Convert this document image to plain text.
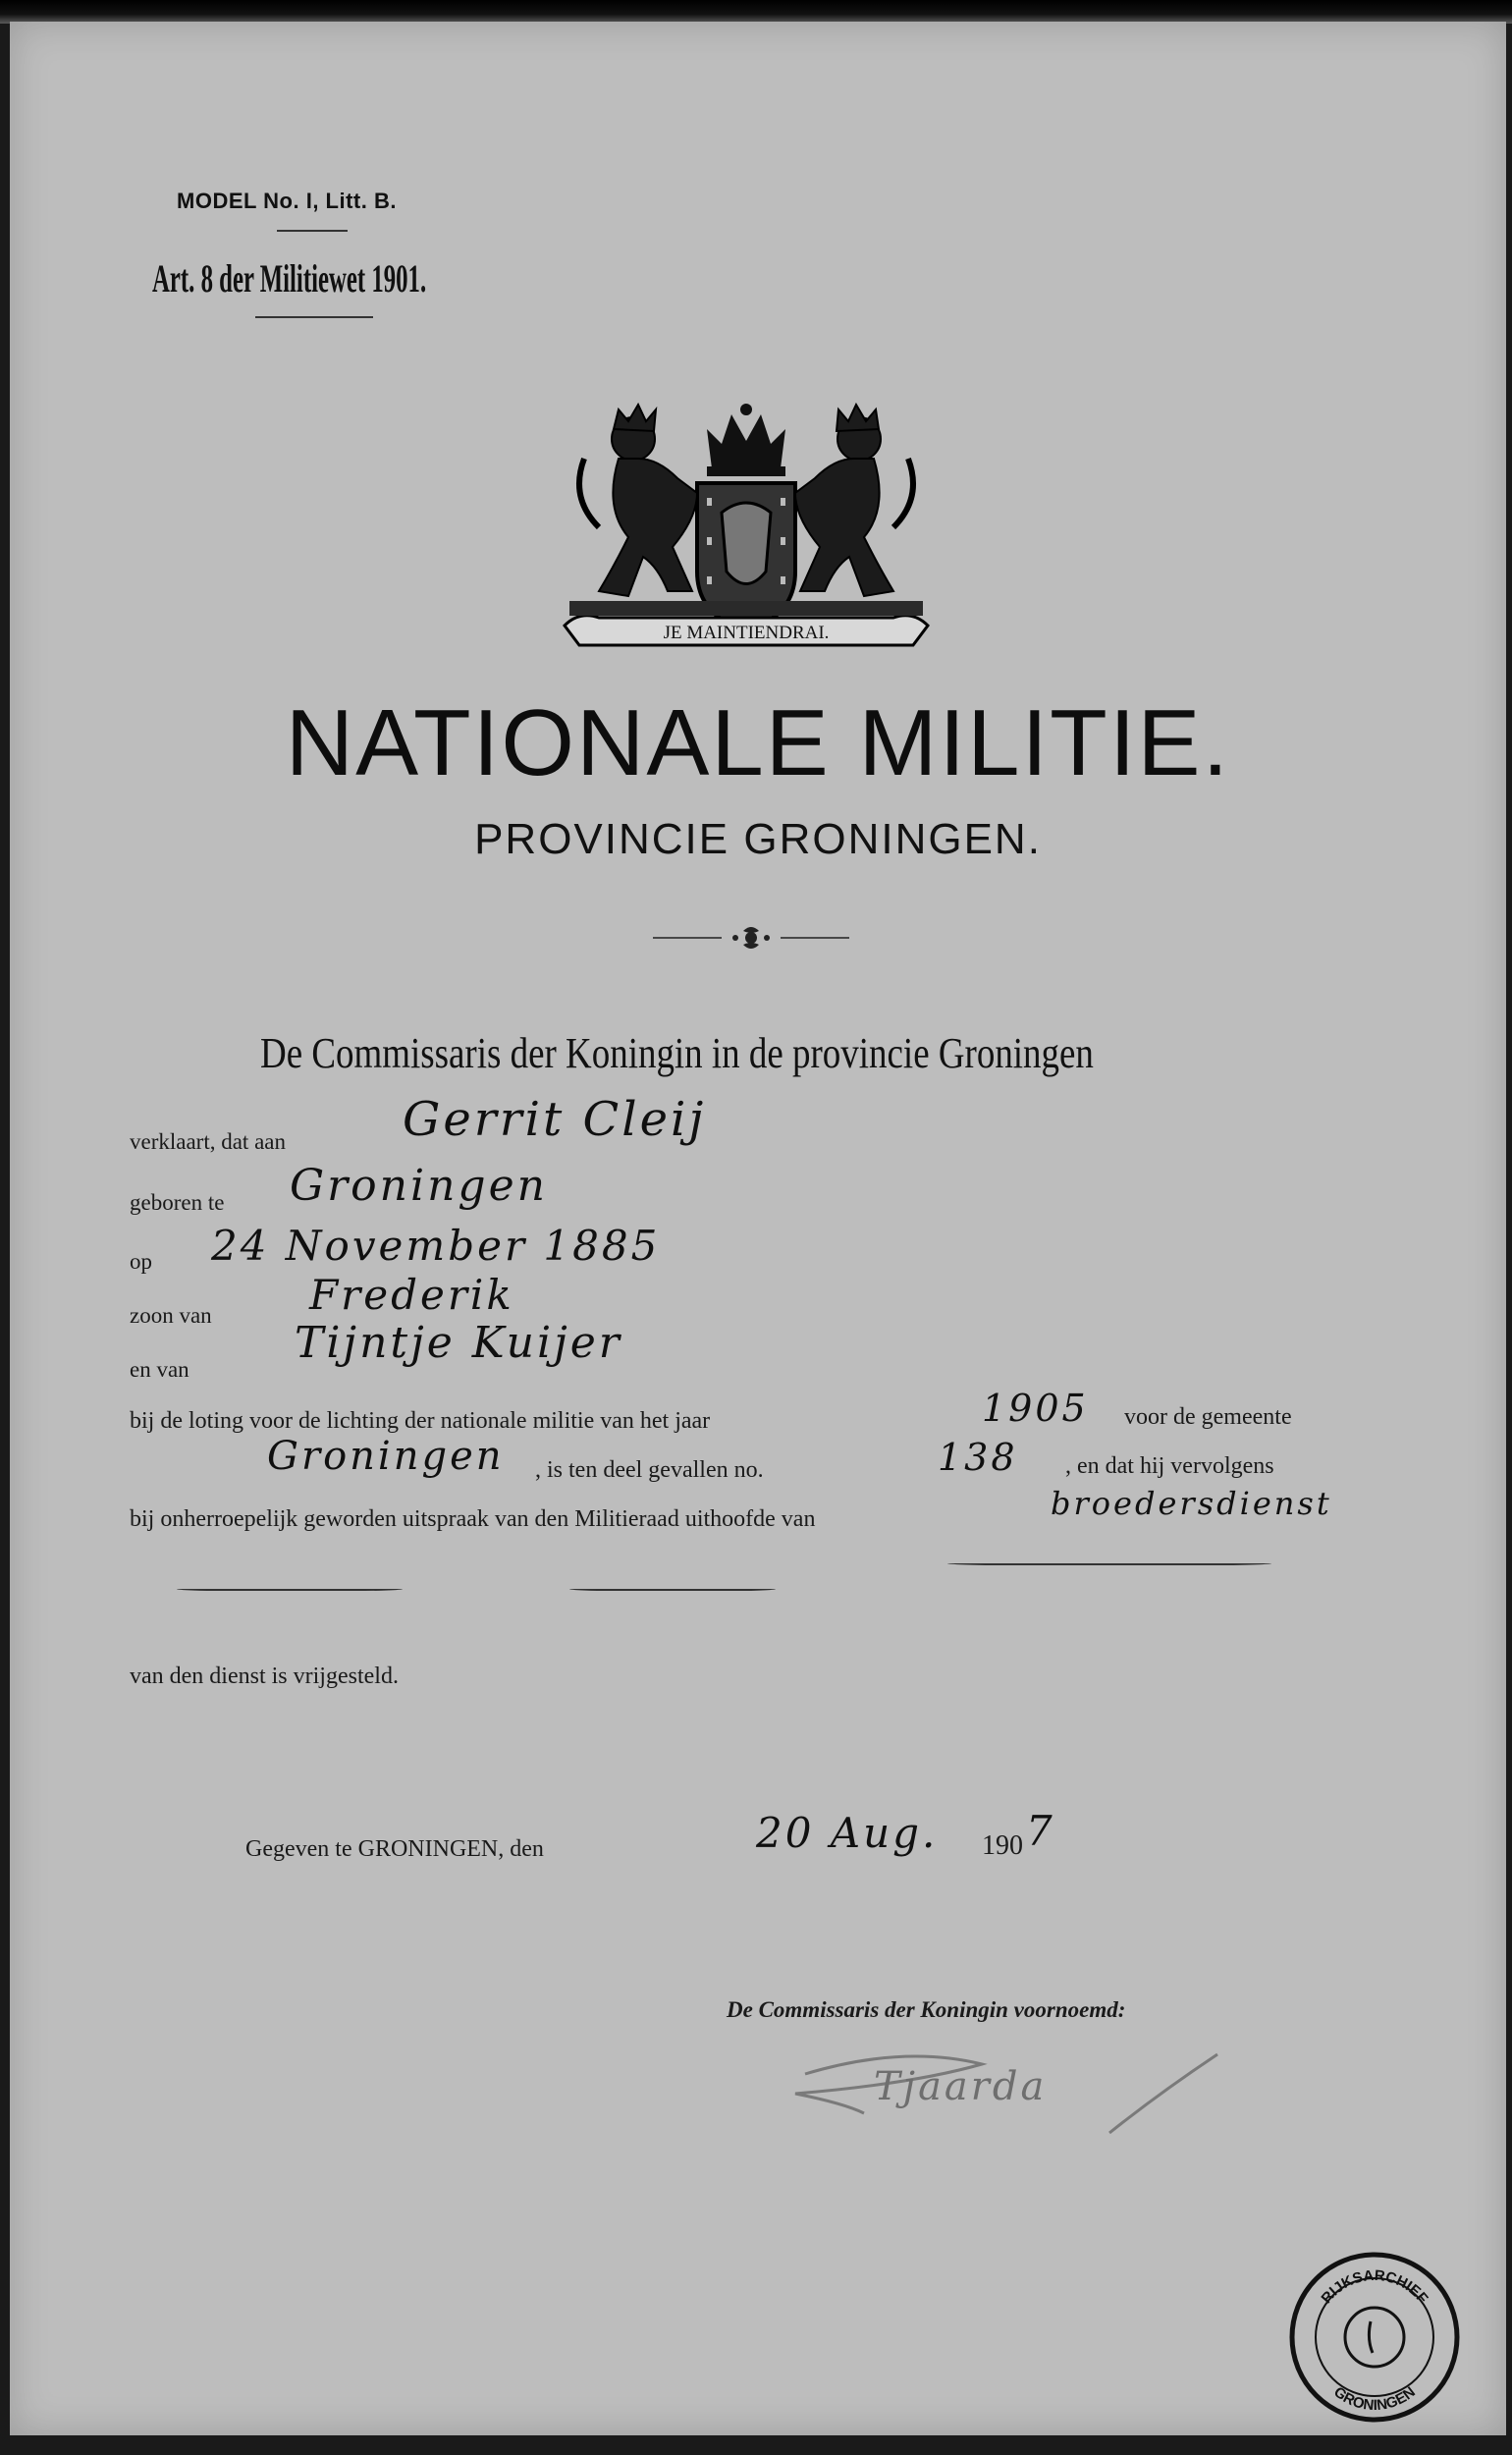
MODEL No. I, Litt. B.
Art. 8 der Militiewet 1901.
JE MAINTIENDRAI.
NATIONALE MILITIE.
PROVINCIE GRONINGEN.
De Commissaris der Koningin in de provincie Groningen
verklaart, dat aan Gerrit Cleij
geboren te Groningen
op 24 November 1885
zoon van Frederik
en van
Tijntje Kuijer
bij de loting voor de lichting der nationale militie van het jaar	1905 voor de gemeente
Groningen , is ten deel gevallen no.	138 , en dat hij vervolgens
bij onherroepelijk geworden uitspraak van den Militieraad uithoofde van	broedersdienst
van den dienst is vrijgesteld.
Gegeven te GRONINGEN, den	20 Aug. 190 7
De Commissaris der Koningin voornoemd:
Tjaarda
RIJKSARCHIEF
GRONINGEN
